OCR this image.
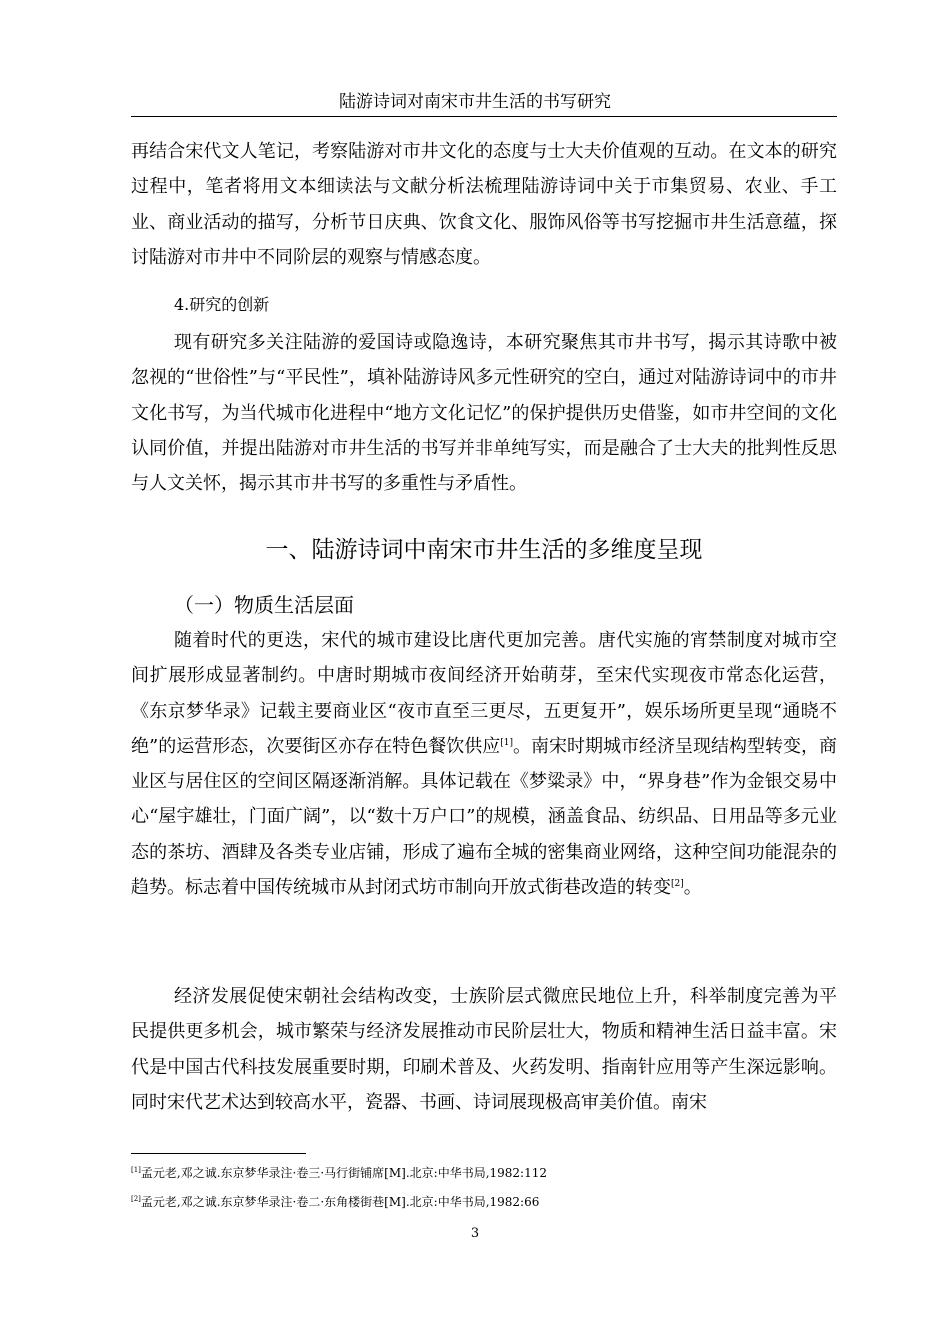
陆游诗词对南宋市井生活的书写研究

再结合宋代文人笔记，考察陆游对市井文化的态度与士大夫价值观的互动。在文本的研究过程中，笔者将用文本细读法与文献分析法梳理陆游诗词中关于市集贸易、农业、手工业、商业活动的描写，分析节日庆典、饮食文化、服饰风俗等书写挖掘市井生活意蕴，探讨陆游对市井中不同阶层的观察与情感态度。

4.研究的创新

现有研究多关注陆游的爱国诗或隐逸诗，本研究聚焦其市井书写，揭示其诗歌中被忽视的“世俗性”与“平民性”，填补陆游诗风多元性研究的空白，通过对陆游诗词中的市井文化书写，为当代城市化进程中“地方文化记忆”的保护提供历史借鉴，如市井空间的文化认同价值，并提出陆游对市井生活的书写并非单纯写实，而是融合了士大夫的批判性反思与人文关怀，揭示其市井书写的多重性与矛盾性。

一、陆游诗词中南宋市井生活的多维度呈现
（一）物质生活层面

随着时代的更迭，宋代的城市建设比唐代更加完善。唐代实施的宵禁制度对城市空间扩展形成显著制约。中唐时期城市夜间经济开始萌芽，至宋代实现夜市常态化运营，《东京梦华录》记载主要商业区“夜市直至三更尽，五更复开”，娱乐场所更呈现“通晓不绝”的运营形态，次要街区亦存在特色餐饮供应[1]。南宋时期城市经济呈现结构型转变，商业区与居住区的空间区隔逐渐消解。具体记载在《梦粱录》中，“界身巷”作为金银交易中心“屋宇雄壮，门面广阔”，以“数十万户口”的规模，涵盖食品、纺织品、日用品等多元业态的茶坊、酒肆及各类专业店铺，形成了遍布全城的密集商业网络，这种空间功能混杂的趋势。标志着中国传统城市从封闭式坊市制向开放式街巷改造的转变[2]。

经济发展促使宋朝社会结构改变，士族阶层式微庶民地位上升，科举制度完善为平民提供更多机会，城市繁荣与经济发展推动市民阶层壮大，物质和精神生活日益丰富。宋代是中国古代科技发展重要时期，印刷术普及、火药发明、指南针应用等产生深远影响。同时宋代艺术达到较高水平，瓷器、书画、诗词展现极高审美价值。南宋

[1]孟元老,邓之诚.东京梦华录注·卷三·马行街铺席[M].北京:中华书局,1982:112
[2]孟元老,邓之诚.东京梦华录注·卷二·东角楼街巷[M].北京:中华书局,1982:66
3
